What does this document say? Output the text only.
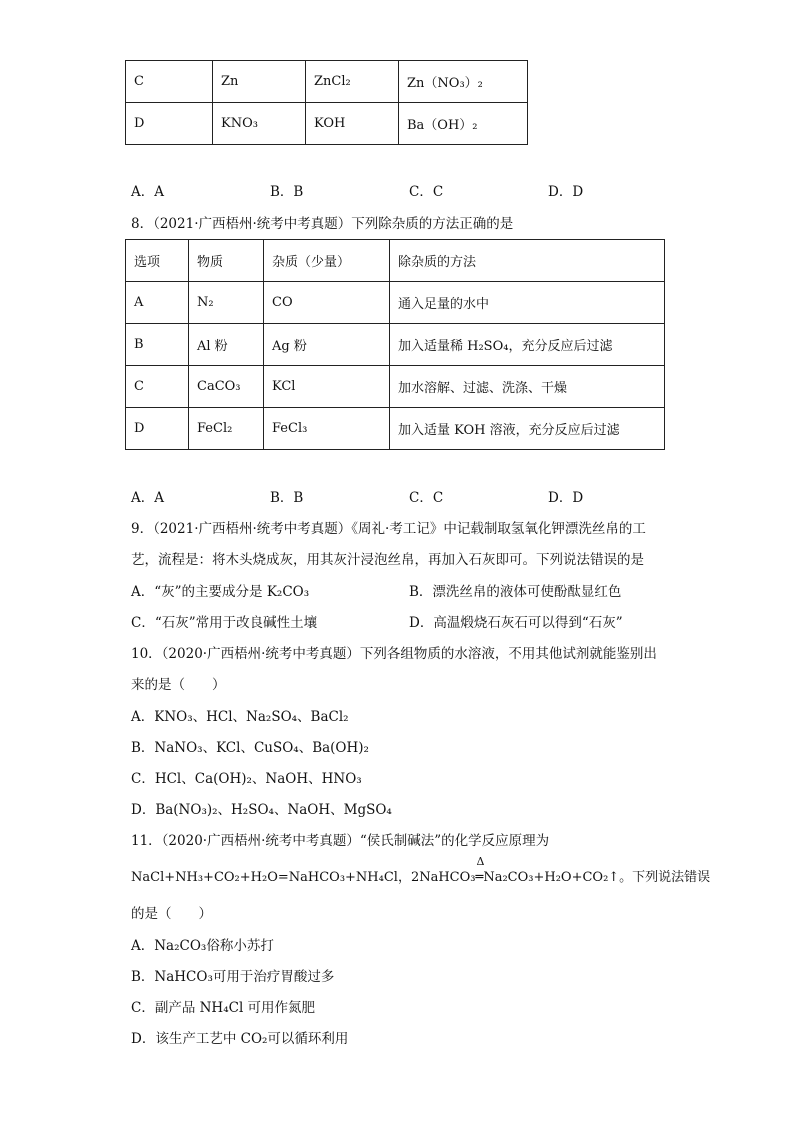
C	Zn	ZnCl₂	Zn（NO₃）₂
D	KNO₃	KOH	Ba（OH）₂
A．A	B．B	C．C	D．D
8．（2021·广西梧州·统考中考真题）下列除杂质的方法正确的是
选项	物质	杂质（少量）	除杂质的方法
A	N₂	CO	通入足量的水中
B	Al 粉	Ag 粉	加入适量稀 H₂SO₄，充分反应后过滤
C	CaCO₃	KCl	加水溶解、过滤、洗涤、干燥
D	FeCl₂	FeCl₃	加入适量 KOH 溶液，充分反应后过滤
A．A	B．B	C．C	D．D
9．（2021·广西梧州·统考中考真题）《周礼·考工记》中记载制取氢氧化钾漂洗丝帛的工
艺，流程是：将木头烧成灰，用其灰汁浸泡丝帛，再加入石灰即可。下列说法错误的是
A．“灰”的主要成分是 K₂CO₃	B．漂洗丝帛的液体可使酚酞显红色
C．“石灰”常用于改良碱性土壤	D．高温煅烧石灰石可以得到“石灰”
10．（2020·广西梧州·统考中考真题）下列各组物质的水溶液，不用其他试剂就能鉴别出
来的是（　　）
A．KNO₃、HCl、Na₂SO₄、BaCl₂
B．NaNO₃、KCl、CuSO₄、Ba(OH)₂
C．HCl、Ca(OH)₂、NaOH、HNO₃
D．Ba(NO₃)₂、H₂SO₄、NaOH、MgSO₄
11．（2020·广西梧州·统考中考真题）“侯氏制碱法”的化学反应原理为
NaCl+NH₃+CO₂+H₂O=NaHCO₃+NH₄Cl，2NaHCO₃
Δ
═Na₂CO₃+H₂O+CO₂↑。下列说法错误
的是（　　）
A．Na₂CO₃俗称小苏打
B．NaHCO₃可用于治疗胃酸过多
C．副产品 NH₄Cl 可用作氮肥
D．该生产工艺中 CO₂可以循环利用
